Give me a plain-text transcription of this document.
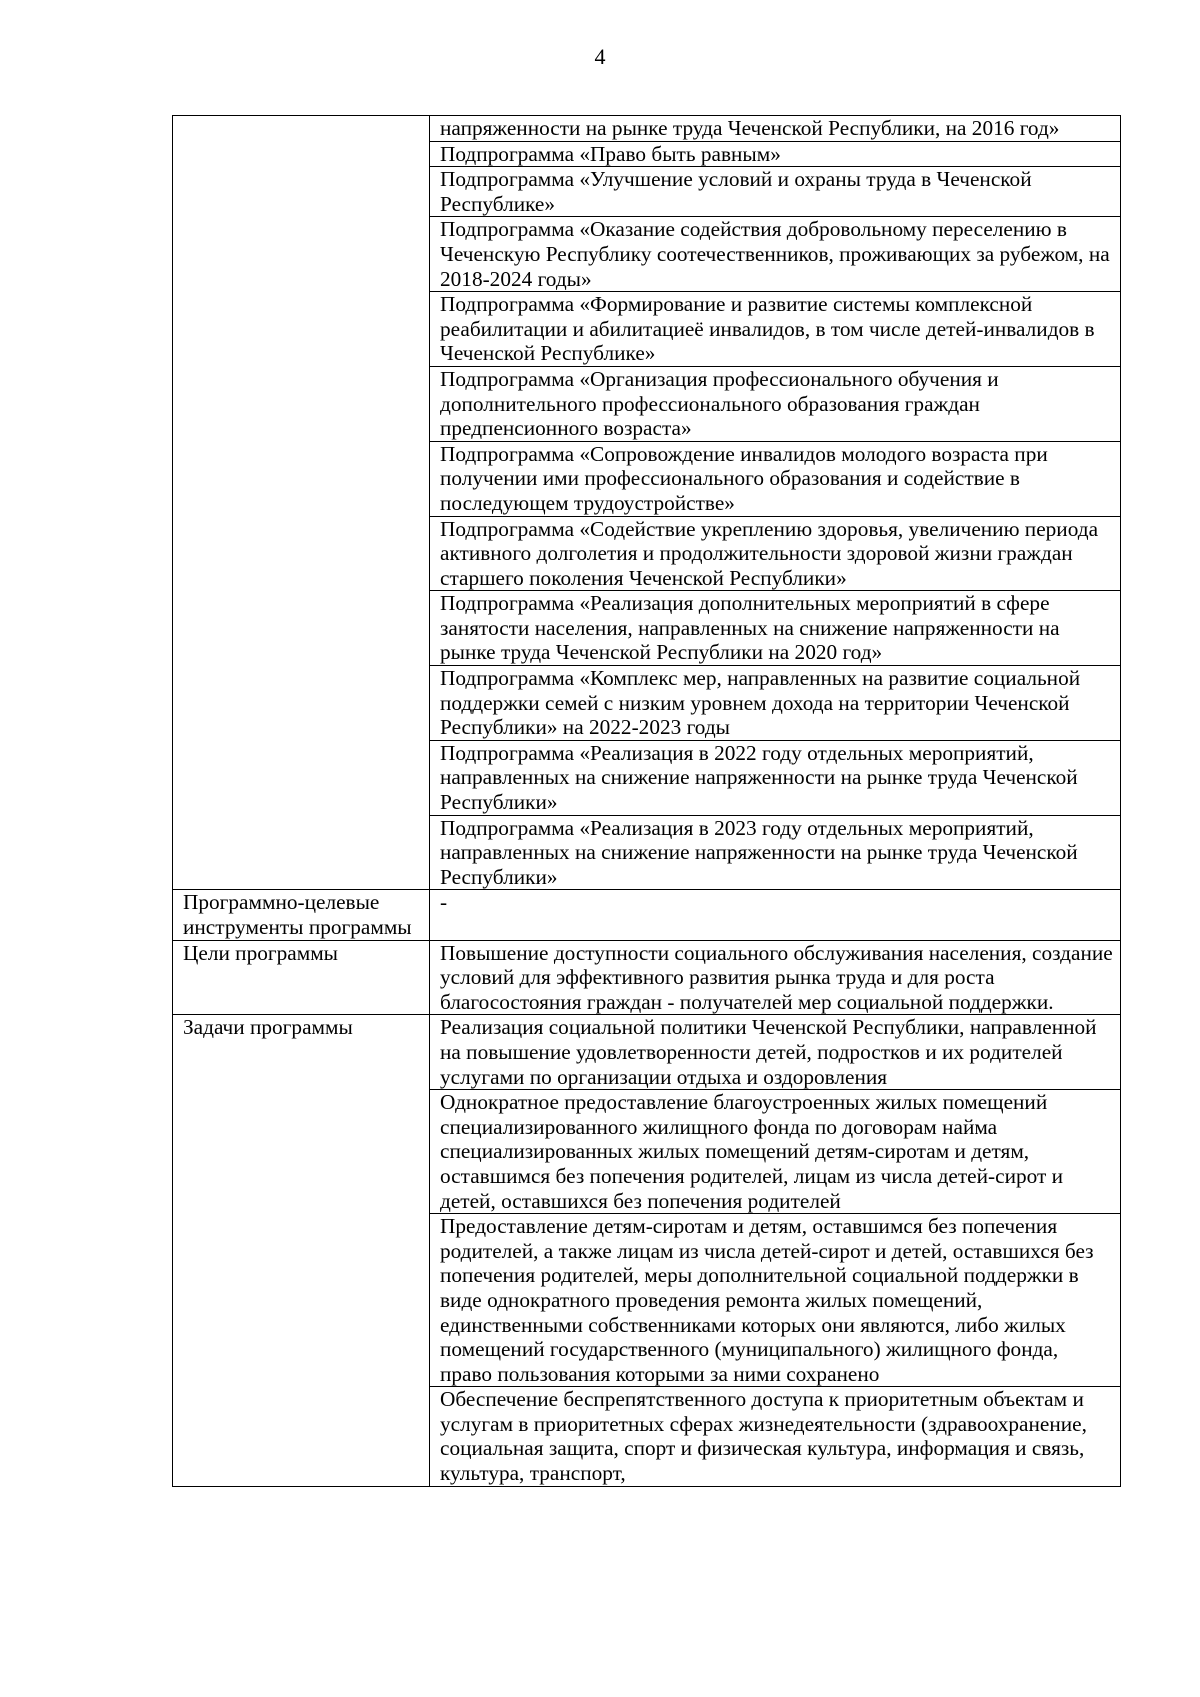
4

	напряженности на рынке труда Чеченской Республики, на 2016 год»

	Подпрограмма «Право быть равным»

	Подпрограмма «Улучшение условий и охраны труда в Чеченской Республике»

	Подпрограмма «Оказание содействия добровольному переселению в Чеченскую Республику соотечественников, проживающих за рубежом, на 2018-2024 годы»

	Подпрограмма «Формирование и развитие системы комплексной реабилитации и абилитациеё инвалидов, в том числе детей-инвалидов в Чеченской Республике»

	Подпрограмма «Организация профессионального обучения и дополнительного профессионального образования граждан предпенсионного возраста»

	Подпрограмма «Сопровождение инвалидов молодого возраста при получении ими профессионального образования и содействие в последующем трудоустройстве»

	Подпрограмма «Содействие укреплению здоровья, увеличению периода активного долголетия и продолжительности здоровой жизни граждан старшего поколения Чеченской Республики»

	Подпрограмма «Реализация дополнительных мероприятий в сфере занятости населения, направленных на снижение напряженности на рынке труда Чеченской Республики на 2020 год»

	Подпрограмма «Комплекс мер, направленных на развитие социальной поддержки семей с низким уровнем дохода на территории Чеченской Республики» на 2022-2023 годы

	Подпрограмма «Реализация в 2022 году отдельных мероприятий, направленных на снижение напряженности на рынке труда Чеченской Республики»

	Подпрограмма «Реализация в 2023 году отдельных мероприятий, направленных на снижение напряженности на рынке труда Чеченской Республики»

Программно-целевые инструменты программы	-

Цели программы	Повышение доступности социального обслуживания населения, создание условий для эффективного развития рынка труда и для роста благосостояния граждан - получателей мер социальной поддержки.

Задачи программы	Реализация социальной политики Чеченской Республики, направленной на повышение удовлетворенности детей, подростков и их родителей услугами по организации отдыха и оздоровления

	Однократное предоставление благоустроенных жилых помещений специализированного жилищного фонда по договорам найма специализированных жилых помещений детям-сиротам и детям, оставшимся без попечения родителей, лицам из числа детей-сирот и детей, оставшихся без попечения родителей

	Предоставление детям-сиротам и детям, оставшимся без попечения родителей, а также лицам из числа детей-сирот и детей, оставшихся без попечения родителей, меры дополнительной социальной поддержки в виде однократного проведения ремонта жилых помещений, единственными собственниками которых они являются, либо жилых помещений государственного (муниципального) жилищного фонда, право пользования которыми за ними сохранено

	Обеспечение беспрепятственного доступа к приоритетным объектам и услугам в приоритетных сферах жизнедеятельности (здравоохранение, социальная защита, спорт и физическая культура, информация и связь, культура, транспорт,
